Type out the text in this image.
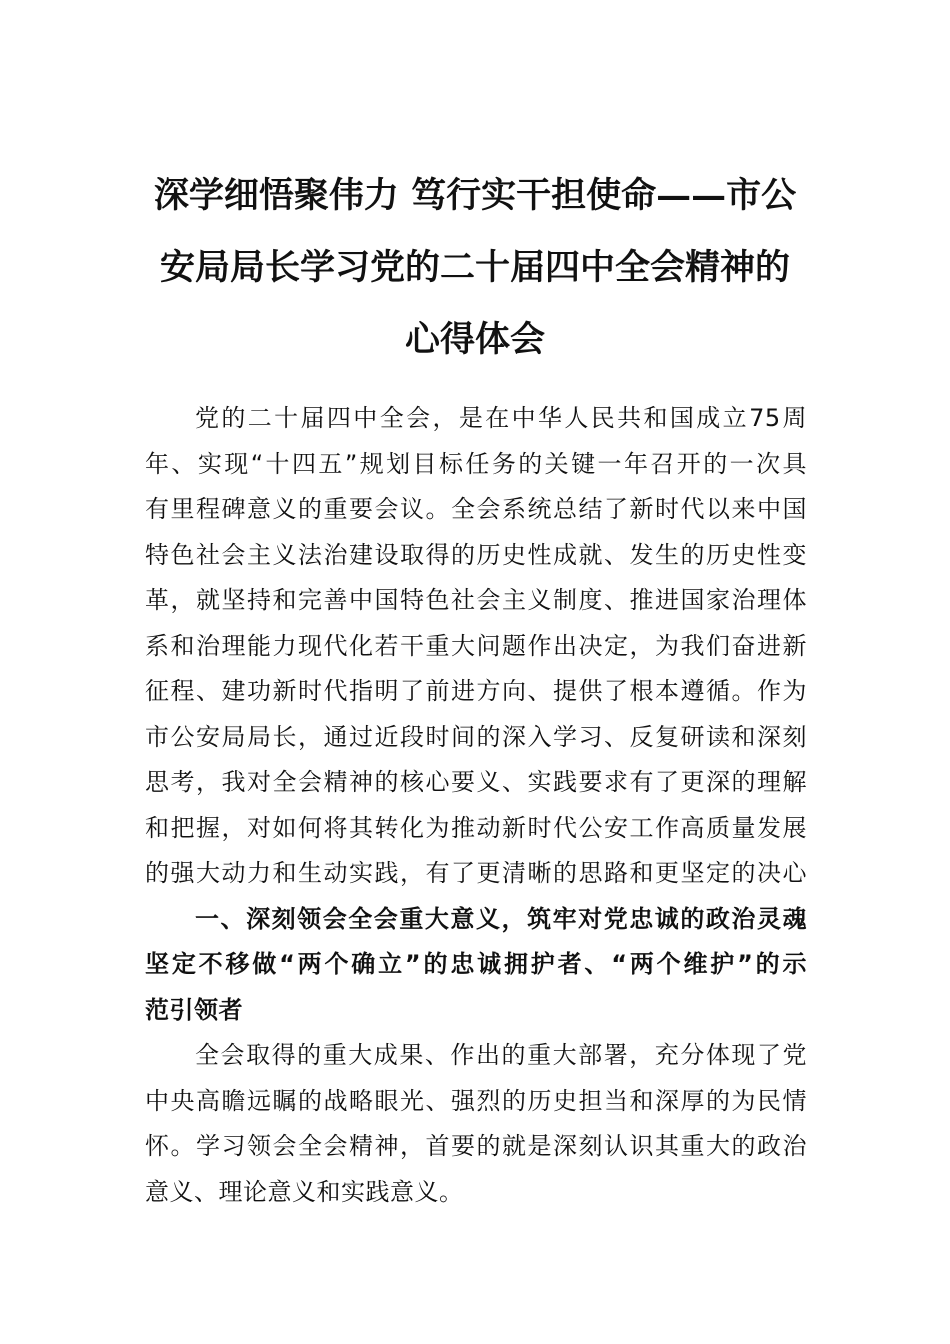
深学细悟聚伟力 笃行实干担使命——市公
安局局长学习党的二十届四中全会精神的
心得体会
党的二十届四中全会，是在中华人民共和国成立75周
年、实现“十四五”规划目标任务的关键一年召开的一次具
有里程碑意义的重要会议。全会系统总结了新时代以来中国
特色社会主义法治建设取得的历史性成就、发生的历史性变
革，就坚持和完善中国特色社会主义制度、推进国家治理体
系和治理能力现代化若干重大问题作出决定，为我们奋进新
征程、建功新时代指明了前进方向、提供了根本遵循。作为
市公安局局长，通过近段时间的深入学习、反复研读和深刻
思考，我对全会精神的核心要义、实践要求有了更深的理解
和把握，对如何将其转化为推动新时代公安工作高质量发展
的强大动力和生动实践，有了更清晰的思路和更坚定的决心
一、深刻领会全会重大意义，筑牢对党忠诚的政治灵魂
坚定不移做“两个确立”的忠诚拥护者、“两个维护”的示
范引领者
全会取得的重大成果、作出的重大部署，充分体现了党
中央高瞻远瞩的战略眼光、强烈的历史担当和深厚的为民情
怀。学习领会全会精神，首要的就是深刻认识其重大的政治
意义、理论意义和实践意义。
